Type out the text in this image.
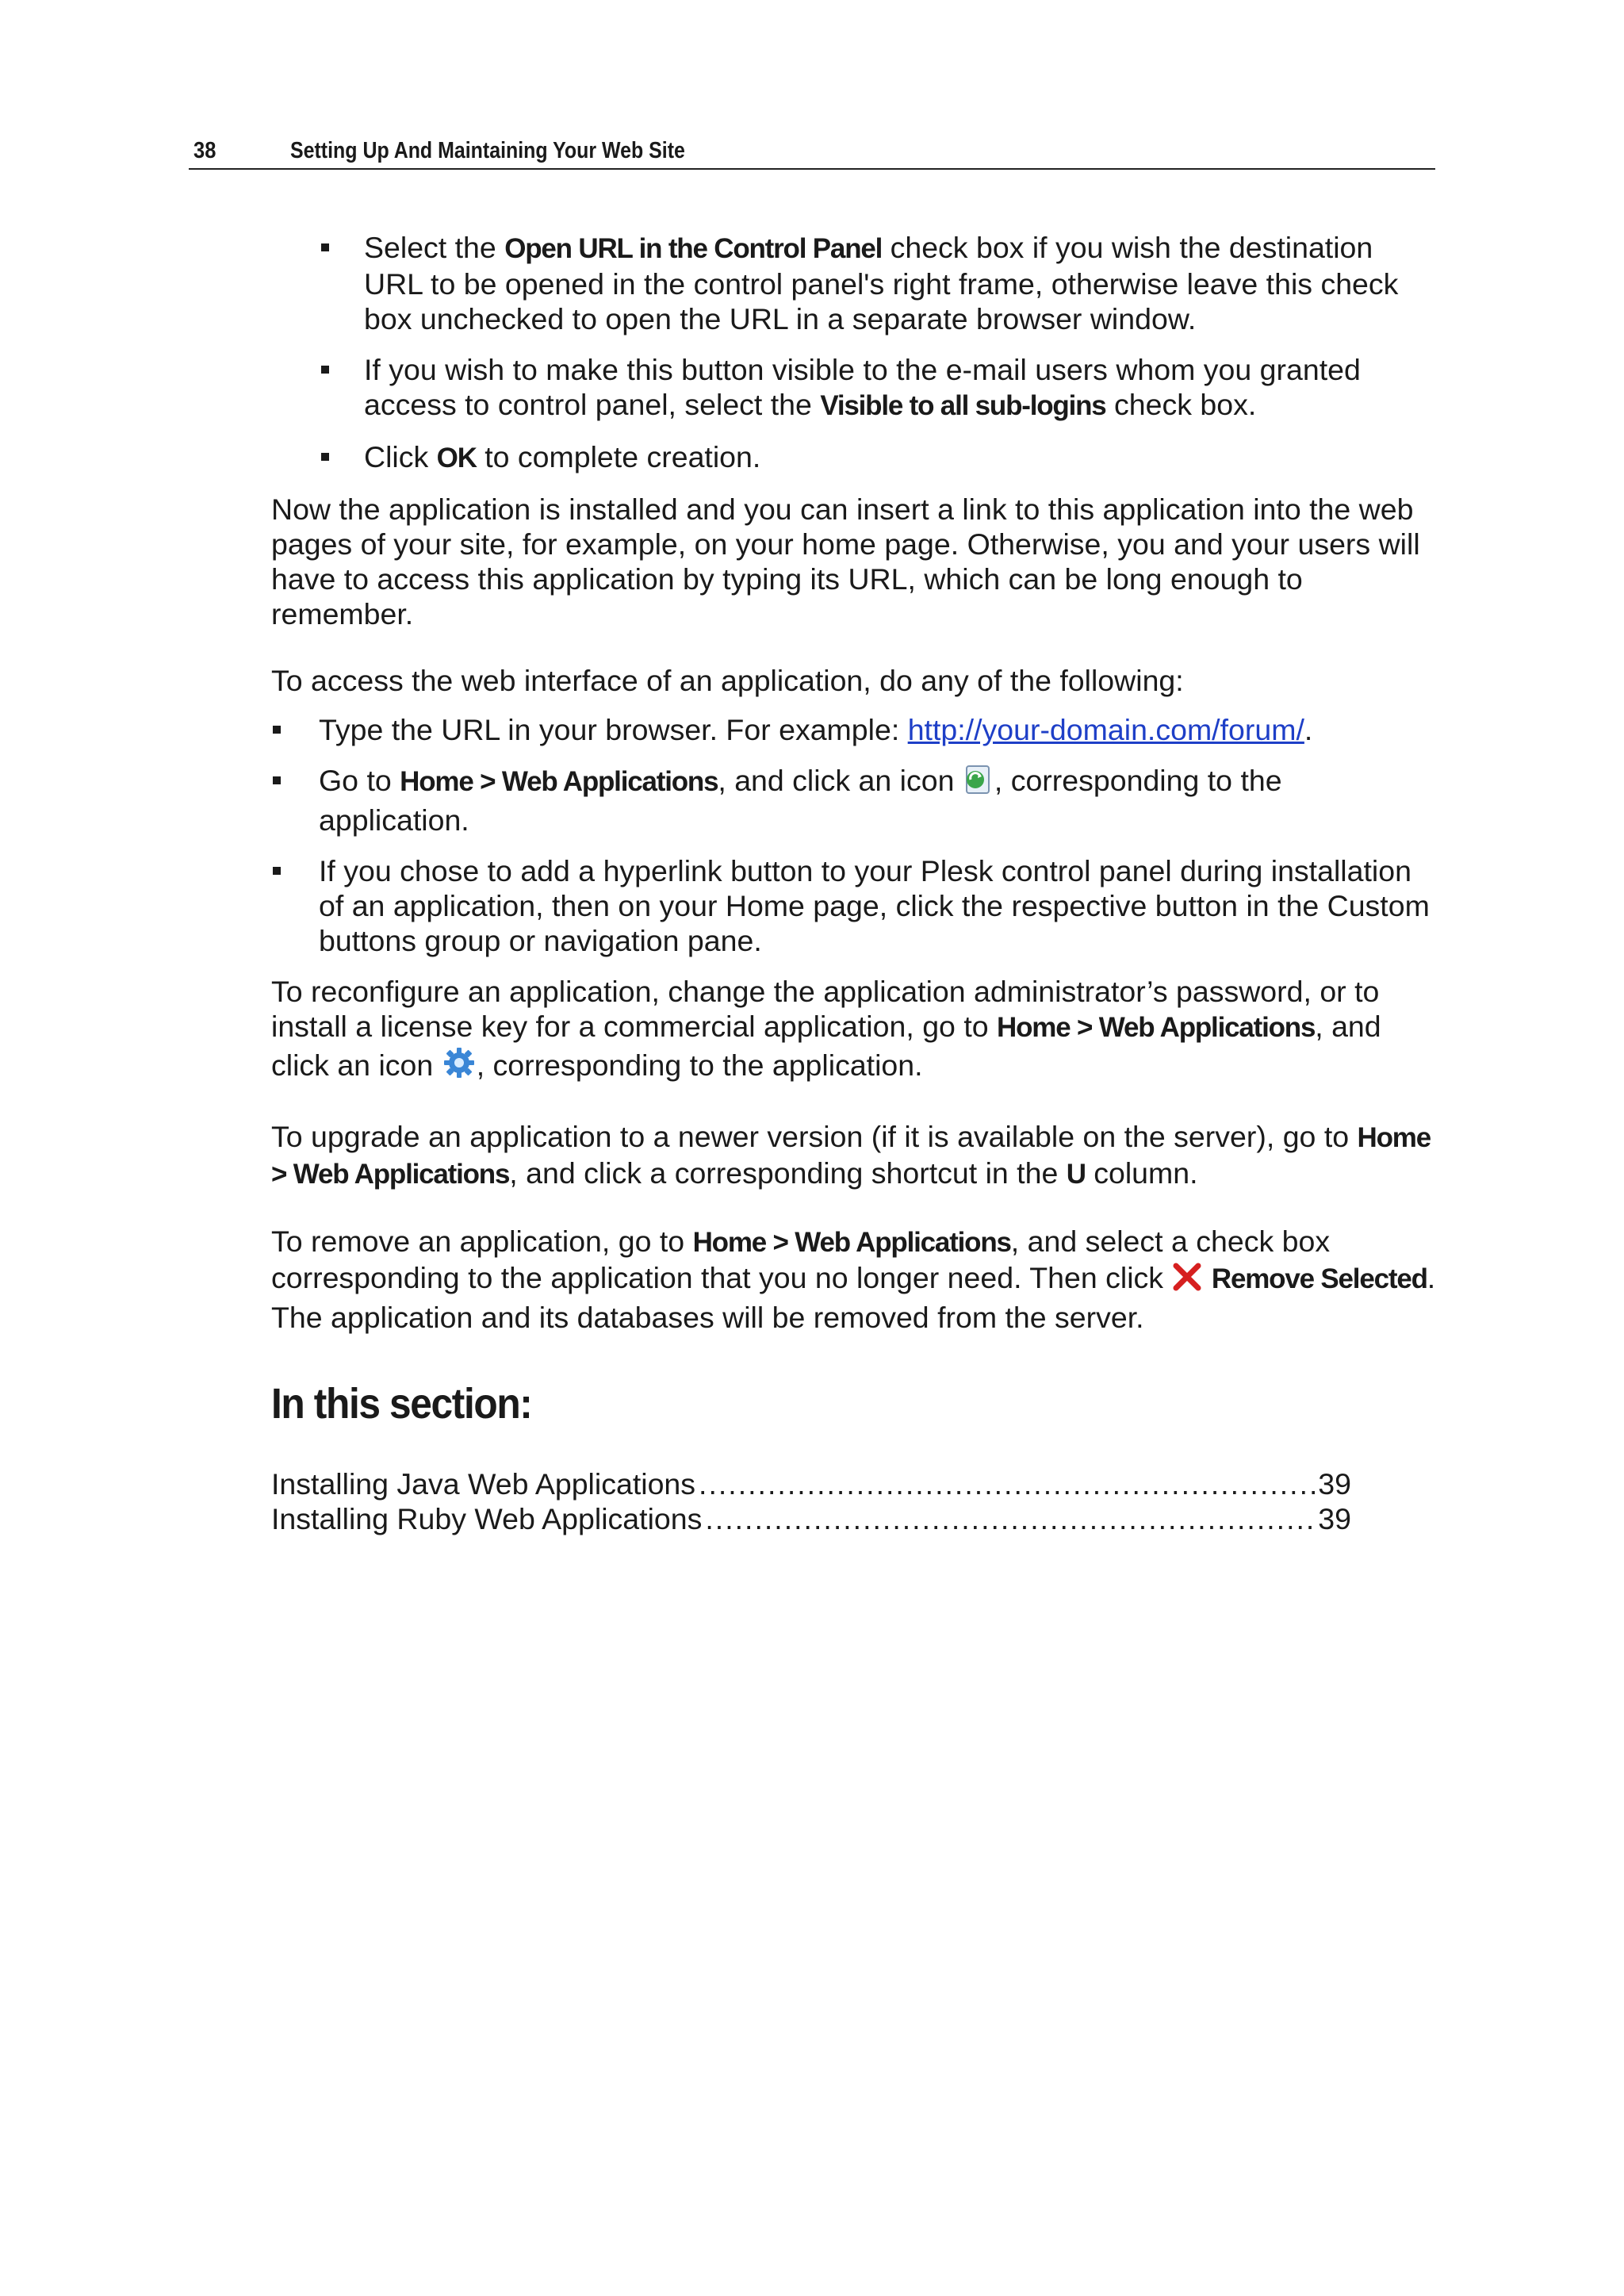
38	Setting Up And Maintaining Your Web Site
Select the Open URL in the Control Panel check box if you wish the destination URL to be opened in the control panel's right frame, otherwise leave this check box unchecked to open the URL in a separate browser window.
If you wish to make this button visible to the e-mail users whom you granted access to control panel, select the Visible to all sub-logins check box.
Click OK to complete creation.

Now the application is installed and you can insert a link to this application into the web pages of your site, for example, on your home page. Otherwise, you and your users will have to access this application by typing its URL, which can be long enough to remember.

To access the web interface of an application, do any of the following:

Type the URL in your browser. For example: http://your-domain.com/forum/.
Go to Home > Web Applications, and click an icon , corresponding to the application.
If you chose to add a hyperlink button to your Plesk control panel during installation of an application, then on your Home page, click the respective button in the Custom buttons group or navigation pane.

To reconfigure an application, change the application administrator’s password, or to install a license key for a commercial application, go to Home > Web Applications, and click an icon , corresponding to the application.

To upgrade an application to a newer version (if it is available on the server), go to Home > Web Applications, and click a corresponding shortcut in the U column.

To remove an application, go to Home > Web Applications, and select a check box corresponding to the application that you no longer need. Then click  Remove Selected. The application and its databases will be removed from the server.

In this section:
Installing Java Web Applications .....	39
Installing Ruby Web Applications .....	39
